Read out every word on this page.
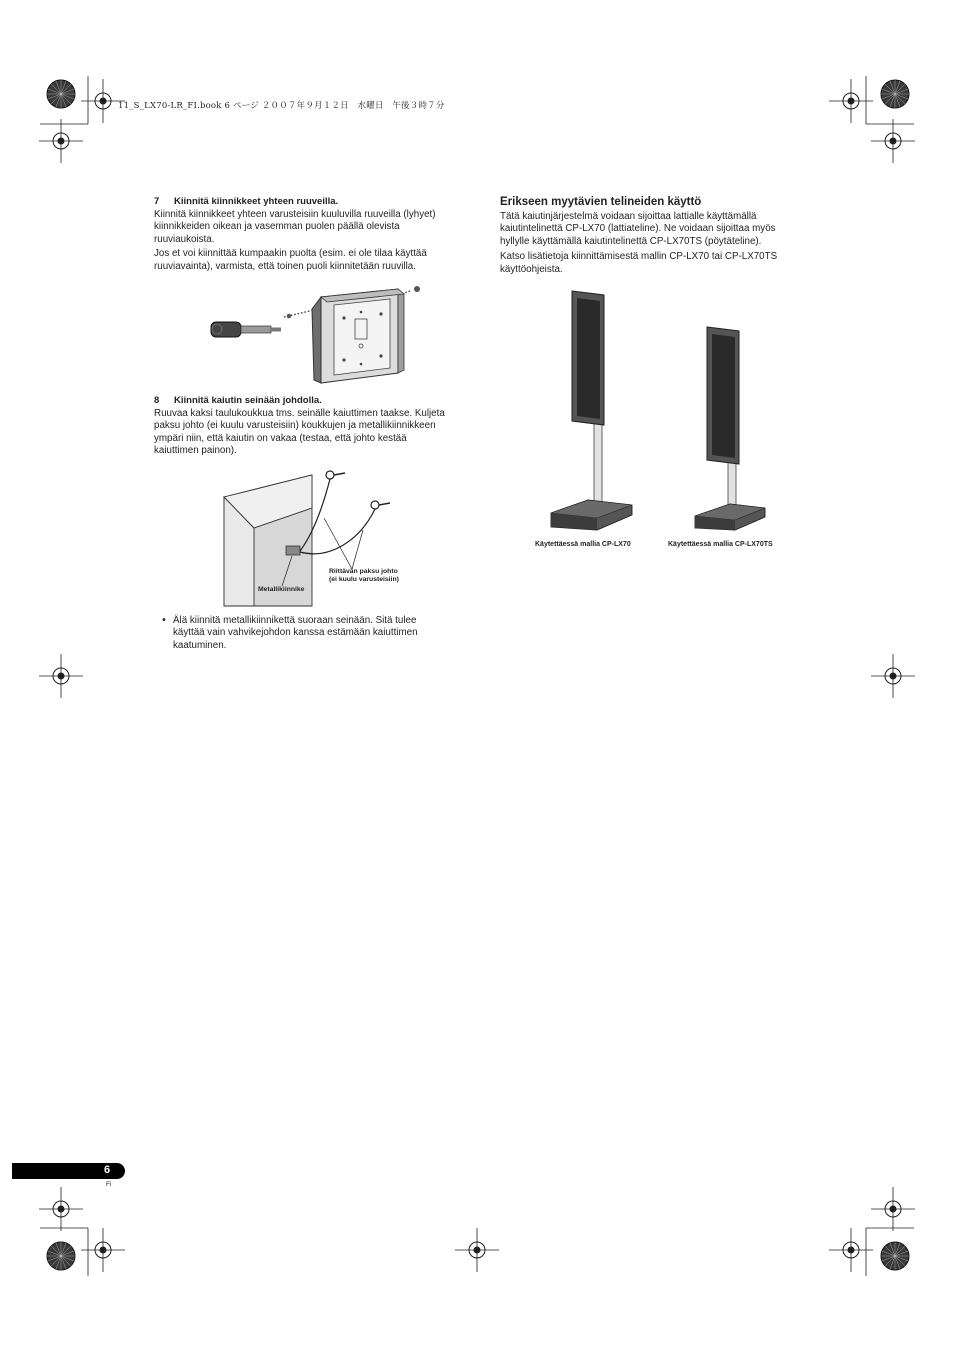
11_S_LX70-LR_FI.book 6 ページ ２００７年９月１２日　水曜日　午後３時７分
7 Kiinnitä kiinnikkeet yhteen ruuveilla.

Kiinnitä kiinnikkeet yhteen varusteisiin kuuluvilla ruuveilla (lyhyet)

kiinnikkeiden oikean ja vasemman puolen päällä olevista

ruuviaukoista.

Jos et voi kiinnittää kumpaakin puolta (esim. ei ole tilaa käyttää

ruuviavainta), varmista, että toinen puoli kiinnitetään ruuvilla.

8 Kiinnitä kaiutin seinään johdolla.

Ruuvaa kaksi taulukoukkua tms. seinälle kaiuttimen taakse. Kuljeta

paksu johto (ei kuulu varusteisiin) koukkujen ja metallikiinnikkeen

ympäri niin, että kaiutin on vakaa (testaa, että johto kestää

kaiuttimen painon).

Riittävän paksu johto
(ei kuulu varusteisiin)
Metallikiinnike
• Älä kiinnitä metallikiinnikettä suoraan seinään. Sitä tulee

käyttää vain vahvikejohdon kanssa estämään kaiuttimen

kaatuminen.

Erikseen myytävien telineiden käyttö

Tätä kaiutinjärjestelmä voidaan sijoittaa lattialle käyttämällä

kaiutintelinettä CP-LX70 (lattiateline). Ne voidaan sijoittaa myös

hyllylle käyttämällä kaiutintelinettä CP-LX70TS (pöytäteline).

Katso lisätietoja kiinnittämisestä mallin CP-LX70 tai CP-LX70TS

käyttöohjeista.

Käytettäessä mallia CP-LX70	Käytettäessä mallia CP-LX70TS
6
Fi
